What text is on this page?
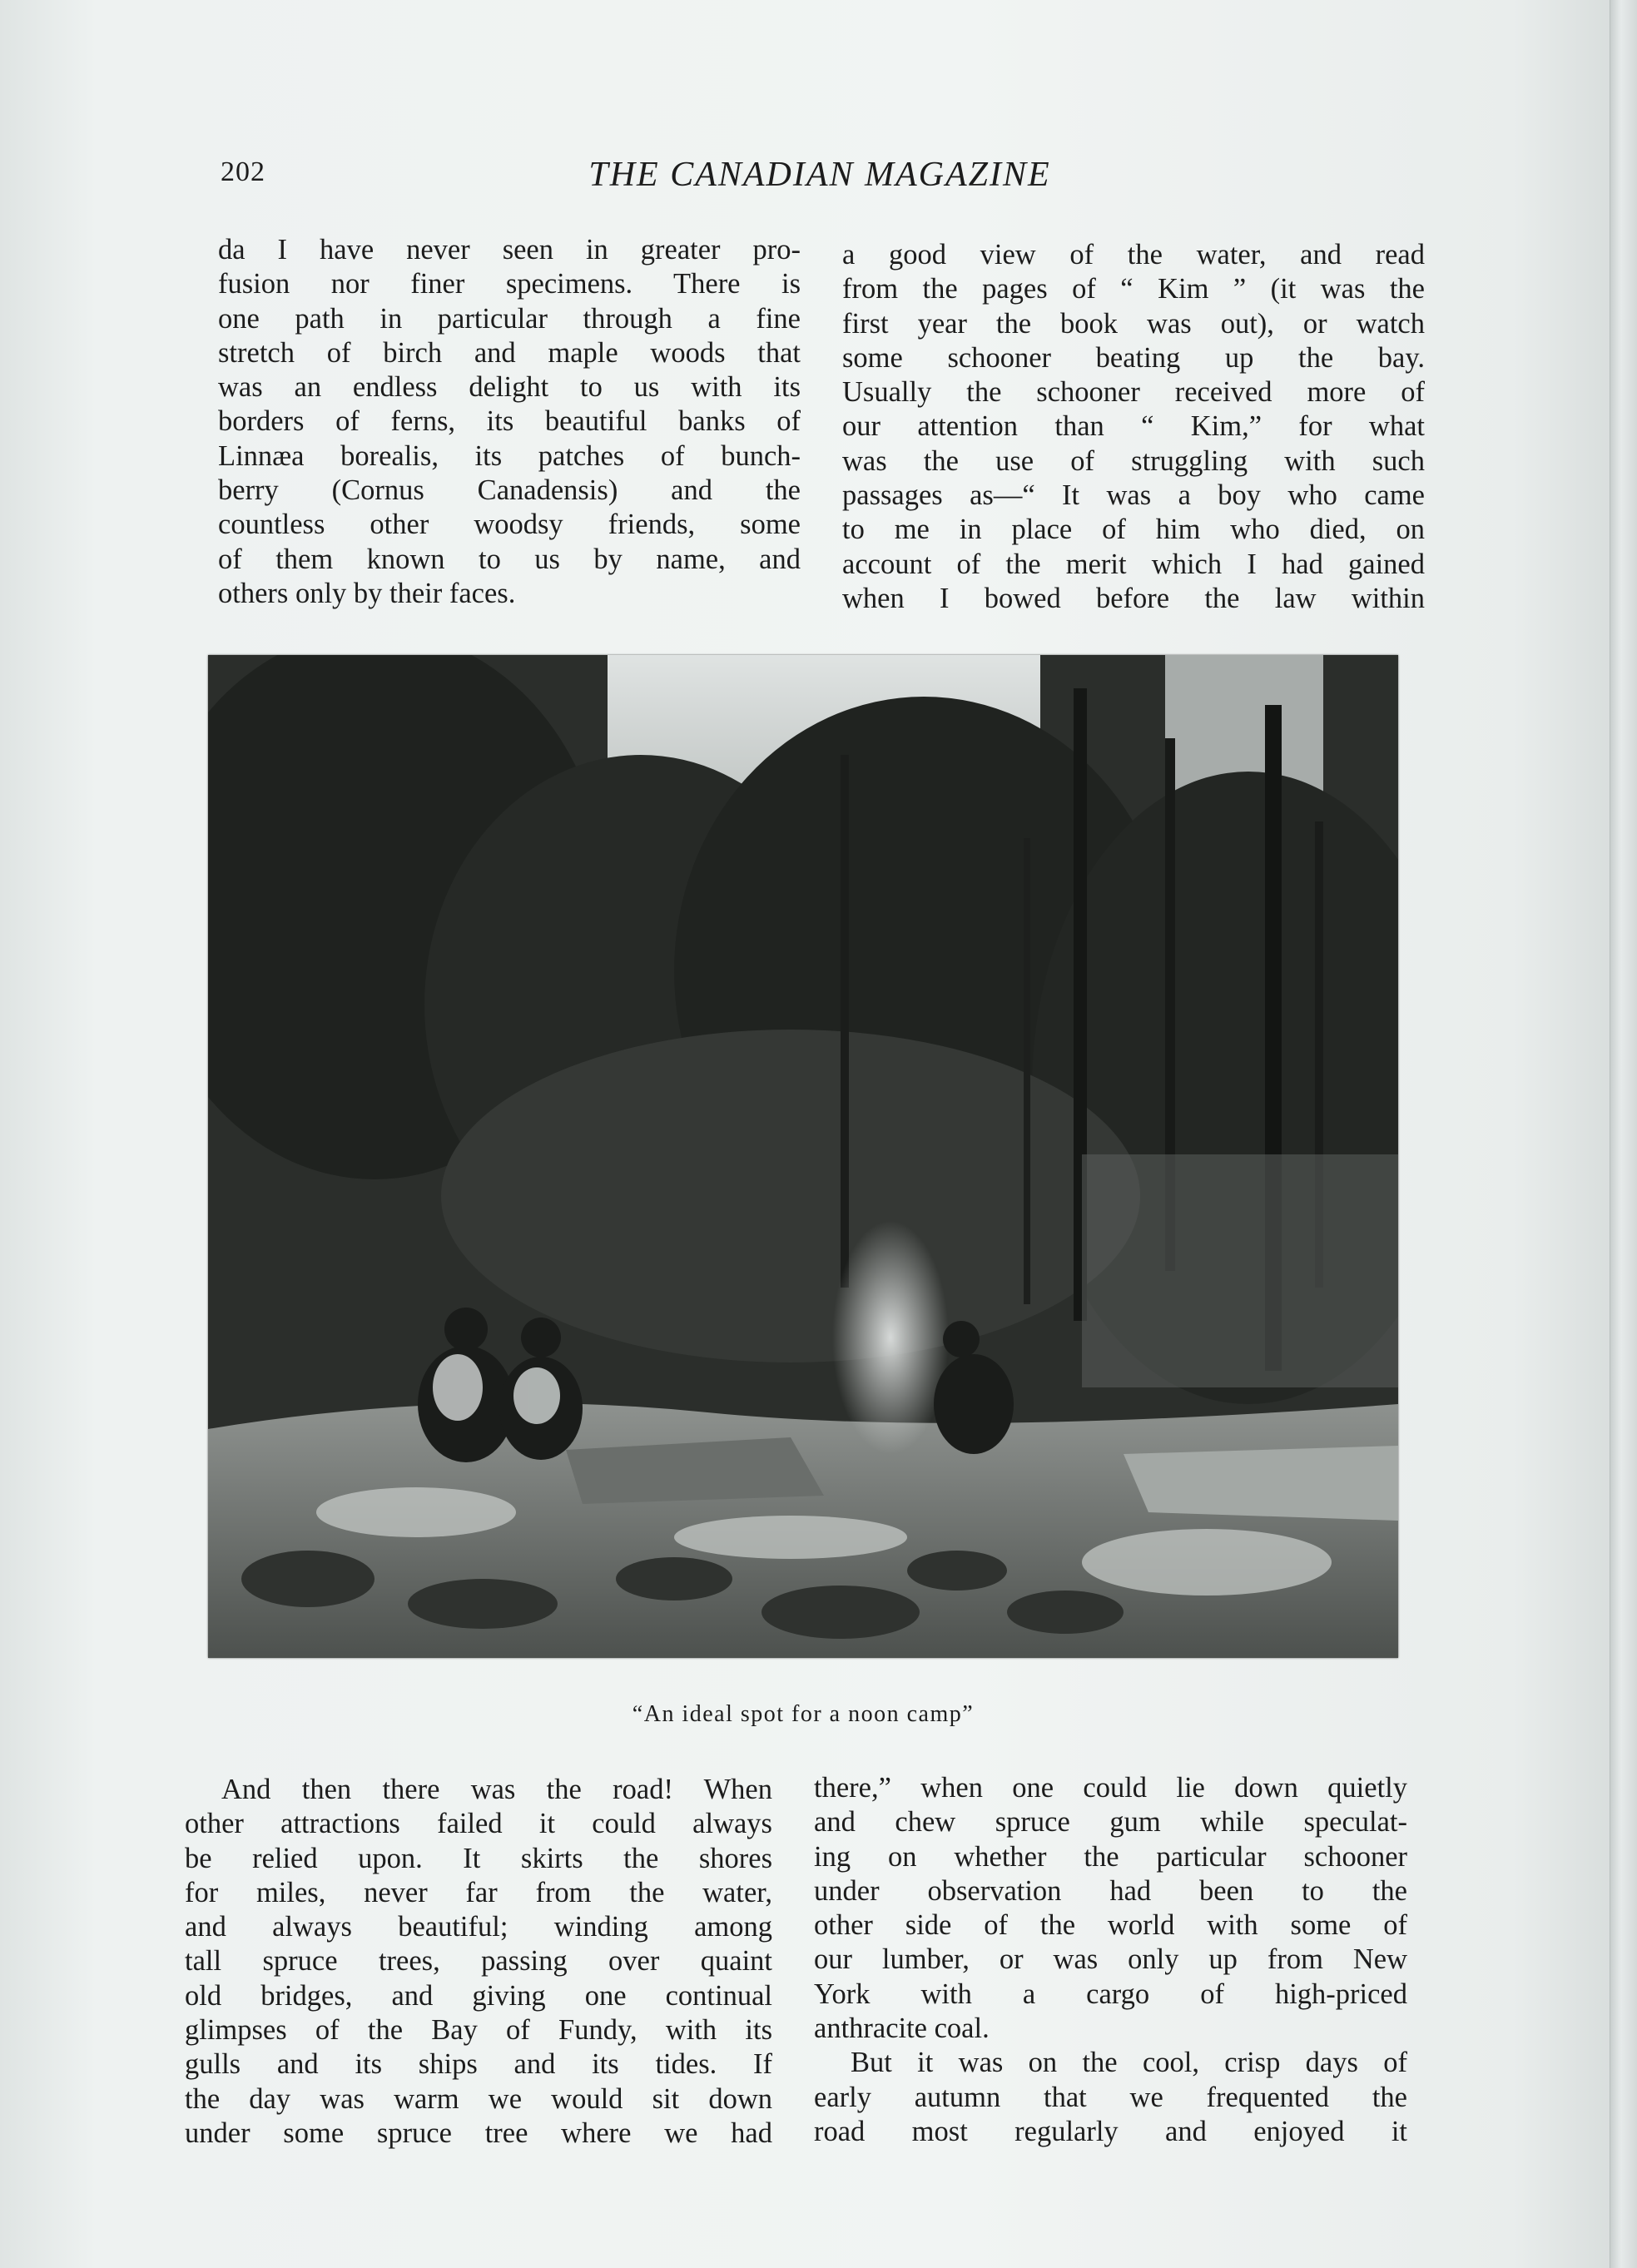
202	THE CANADIAN MAGAZINE
da I have never seen in greater pro-
fusion nor finer specimens. There is
one path in particular through a fine
stretch of birch and maple woods that
was an endless delight to us with its
borders of ferns, its beautiful banks of
Linnæa borealis, its patches of bunch-
berry (Cornus Canadensis) and the
countless other woodsy friends, some
of them known to us by name, and
others only by their faces.
a good view of the water, and read
from the pages of “ Kim ” (it was the
first year the book was out), or watch
some schooner beating up the bay.
Usually the schooner received more of
our attention than “ Kim,” for what
was the use of struggling with such
passages as—“ It was a boy who came
to me in place of him who died, on
account of the merit which I had gained
when I bowed before the law within
“An ideal spot for a noon camp”
And then there was the road! When
other attractions failed it could always
be relied upon. It skirts the shores
for miles, never far from the water,
and always beautiful; winding among
tall spruce trees, passing over quaint
old bridges, and giving one continual
glimpses of the Bay of Fundy, with its
gulls and its ships and its tides. If
the day was warm we would sit down
under some spruce tree where we had
there,” when one could lie down quietly
and chew spruce gum while speculat-
ing on whether the particular schooner
under observation had been to the
other side of the world with some of
our lumber, or was only up from New
York with a cargo of high-priced
anthracite coal.
But it was on the cool, crisp days of
early autumn that we frequented the
road most regularly and enjoyed it
